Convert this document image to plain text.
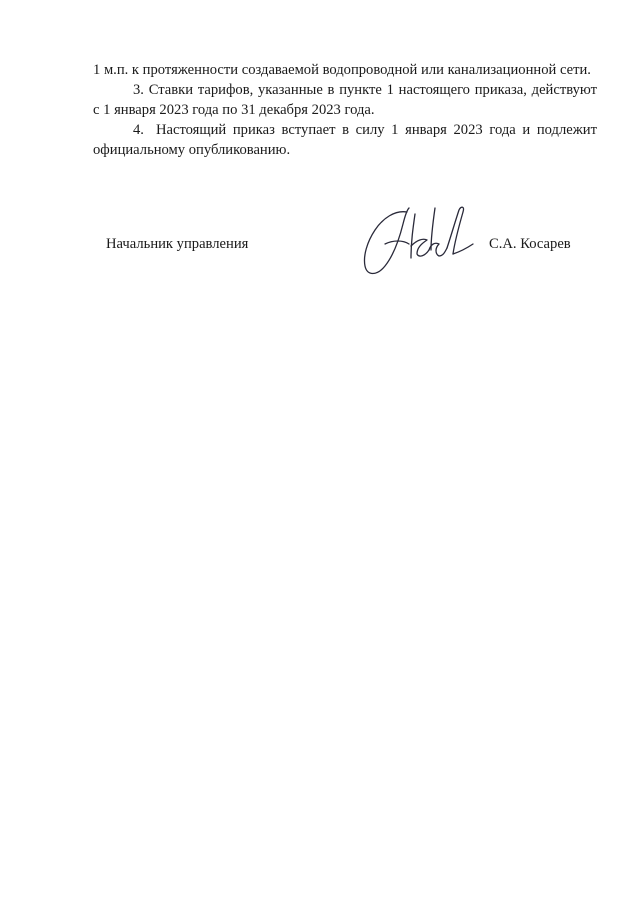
1 м.п. к протяженности создаваемой водопроводной или канализационной сети.

3. Ставки тарифов, указанные в пункте 1 настоящего приказа, действуют с 1 января 2023 года по 31 декабря 2023 года.

4. Настоящий приказ вступает в силу 1 января 2023 года и подлежит официальному опубликованию.

Начальник управления	С.А. Косарев
